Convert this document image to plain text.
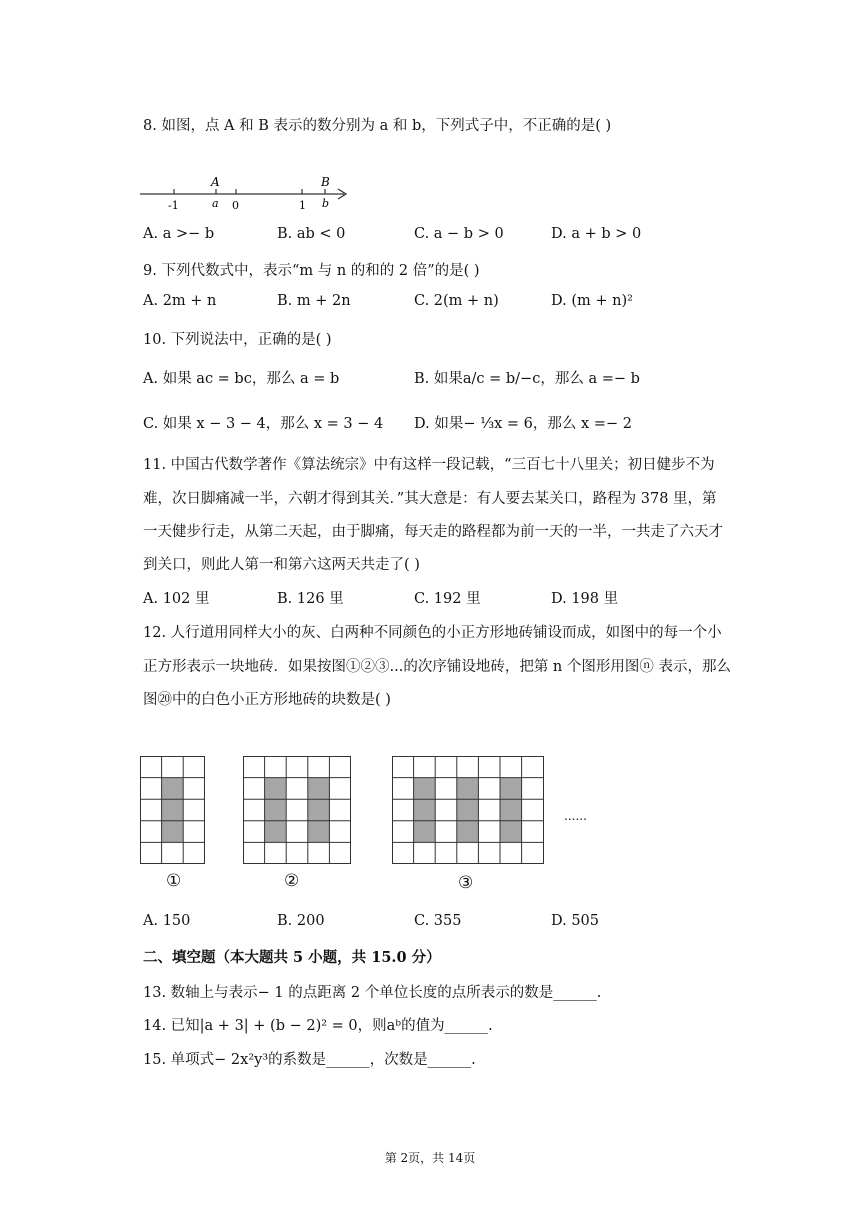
8. 如图，点 A 和 B 表示的数分别为 a 和 b，下列式子中，不正确的是( )
A	B
-1	a 0	1 b
A. a >− b	B. ab < 0	C. a − b > 0	D. a + b > 0
9. 下列代数式中，表示“m 与 n 的和的 2 倍”的是( )
A. 2m + n	B. m + 2n	C. 2(m + n)	D. (m + n)²
10. 下列说法中，正确的是( )
A. 如果 ac = bc，那么 a = b	B. 如果a/c = b/−c，那么 a =− b
C. 如果 x − 3 − 4，那么 x = 3 − 4 D. 如果− ⅓x = 6，那么 x =− 2
11. 中国古代数学著作《算法统宗》中有这样一段记载，“三百七十八里关；初日健步不为
难，次日脚痛减一半，六朝才得到其关．”其大意是：有人要去某关口，路程为 378 里，第
一天健步行走，从第二天起，由于脚痛，每天走的路程都为前一天的一半，一共走了六天才
到关口，则此人第一和第六这两天共走了( )
A. 102 里	B. 126 里	C. 192 里	D. 198 里
12. 人行道用同样大小的灰、白两种不同颜色的小正方形地砖铺设而成，如图中的每一个小
正方形表示一块地砖．如果按图①②③...的次序铺设地砖，把第 n 个图形用图ⓝ 表示，那么
图⑳中的白色小正方形地砖的块数是( )
......
①	②	③
A. 150	B. 200	C. 355	D. 505
二、填空题（本大题共 5 小题，共 15.0 分）
13. 数轴上与表示− 1 的点距离 2 个单位长度的点所表示的数是______.
14. 已知|a + 3| + (b − 2)² = 0，则aᵇ的值为______.
15. 单项式− 2x²y³的系数是______，次数是______.
第 2页，共 14页
